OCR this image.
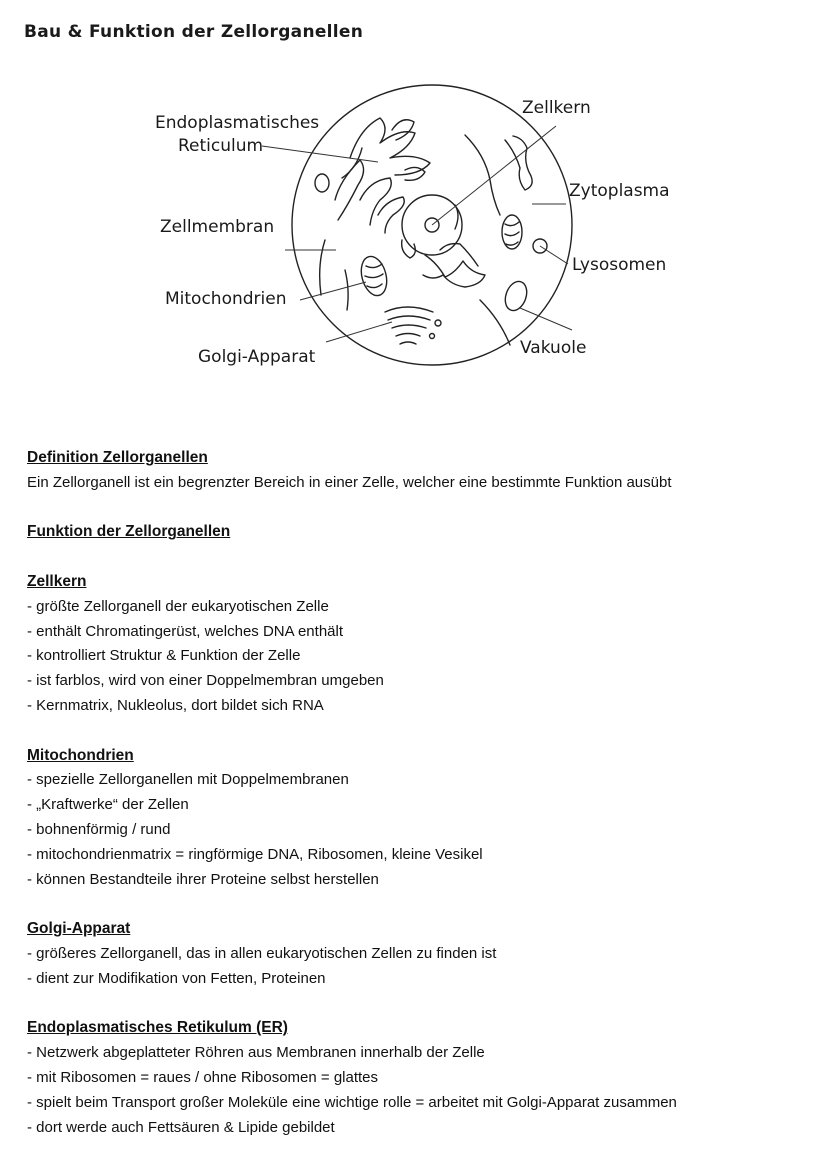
Bau & Funktion der Zellorganellen
Endoplasmatisches
Reticulum
Zellkern
Zytoplasma
Zellmembran
Lysosomen
Mitochondrien
Golgi-Apparat	Vakuole

Definition Zellorganellen

Ein Zellorganell ist ein begrenzter Bereich in einer Zelle, welcher eine bestimmte Funktion ausübt

Funktion der Zellorganellen

Zellkern

- größte Zellorganell der eukaryotischen Zelle
- enthält Chromatingerüst, welches DNA enthält
- kontrolliert Struktur & Funktion der Zelle
- ist farblos, wird von einer Doppelmembran umgeben
- Kernmatrix, Nukleolus, dort bildet sich RNA

Mitochondrien

- spezielle Zellorganellen mit Doppelmembranen
- „Kraftwerke“ der Zellen
- bohnenförmig / rund
- mitochondrienmatrix = ringförmige DNA, Ribosomen, kleine Vesikel
- können Bestandteile ihrer Proteine selbst herstellen

Golgi-Apparat

- größeres Zellorganell, das in allen eukaryotischen Zellen zu finden ist
- dient zur Modifikation von Fetten, Proteinen

Endoplasmatisches Retikulum (ER)

- Netzwerk abgeplatteter Röhren aus Membranen innerhalb der Zelle
- mit Ribosomen = raues / ohne Ribosomen = glattes
- spielt beim Transport großer Moleküle eine wichtige rolle = arbeitet mit Golgi-Apparat zusammen
- dort werde auch Fettsäuren & Lipide gebildet
